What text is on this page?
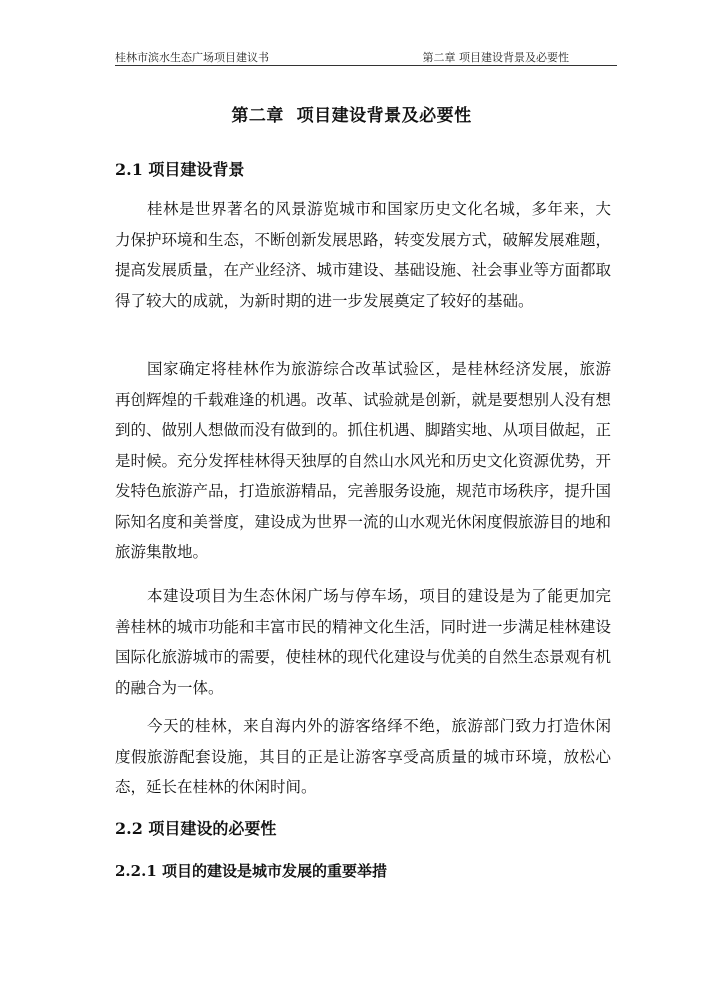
桂林市滨水生态广场项目建议书	第二章 项目建设背景及必要性
第二章  项目建设背景及必要性
2.1 项目建设背景

桂林是世界著名的风景游览城市和国家历史文化名城，多年来，大力保护环境和生态，不断创新发展思路，转变发展方式，破解发展难题，提高发展质量，在产业经济、城市建设、基础设施、社会事业等方面都取得了较大的成就，为新时期的进一步发展奠定了较好的基础。

国家确定将桂林作为旅游综合改革试验区，是桂林经济发展，旅游再创辉煌的千载难逢的机遇。改革、试验就是创新，就是要想别人没有想到的、做别人想做而没有做到的。抓住机遇、脚踏实地、从项目做起，正是时候。充分发挥桂林得天独厚的自然山水风光和历史文化资源优势，开发特色旅游产品，打造旅游精品，完善服务设施，规范市场秩序，提升国际知名度和美誉度，建设成为世界一流的山水观光休闲度假旅游目的地和旅游集散地。

本建设项目为生态休闲广场与停车场，项目的建设是为了能更加完善桂林的城市功能和丰富市民的精神文化生活，同时进一步满足桂林建设国际化旅游城市的需要，使桂林的现代化建设与优美的自然生态景观有机的融合为一体。

今天的桂林，来自海内外的游客络绎不绝，旅游部门致力打造休闲度假旅游配套设施，其目的正是让游客享受高质量的城市环境，放松心态，延长在桂林的休闲时间。

2.2 项目建设的必要性
2.2.1 项目的建设是城市发展的重要举措
